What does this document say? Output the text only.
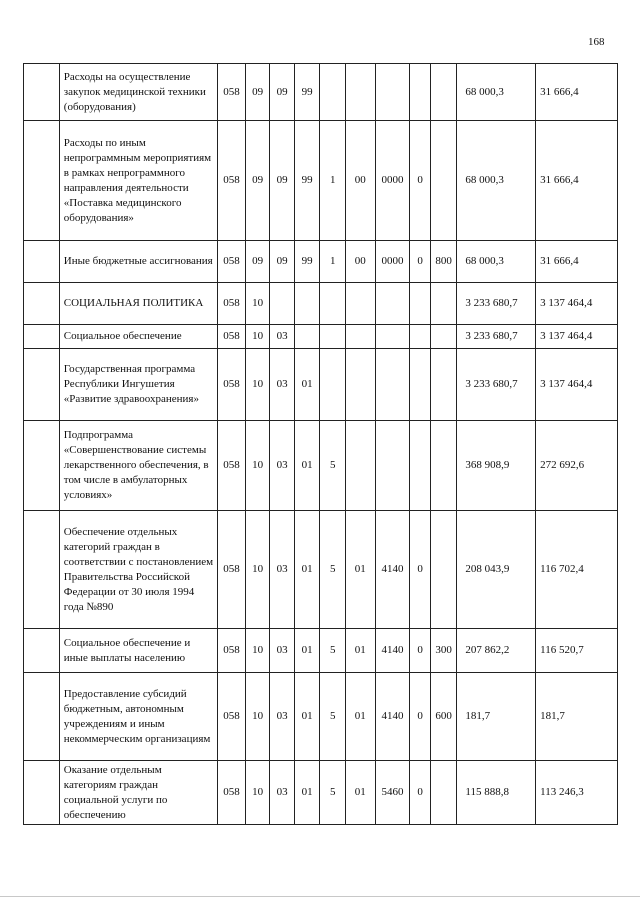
168
	Расходы на осуществление закупок медицинской техники (оборудования)	058	09	09	99						68 000,3	31 666,4
	Расходы по иным непрограммным мероприятиям в рамках непрограммного направления деятельности «Поставка медицинского оборудования»	058	09	09	99	1	00	0000	0		68 000,3	31 666,4
	Иные бюджетные ассигнования	058	09	09	99	1	00	0000	0	800	68 000,3	31 666,4
	СОЦИАЛЬНАЯ ПОЛИТИКА	058	10								3 233 680,7	3 137 464,4
	Социальное обеспечение	058	10	03							3 233 680,7	3 137 464,4
	Государственная программа Республики Ингушетия «Развитие здравоохранения»	058	10	03	01						3 233 680,7	3 137 464,4
	Подпрограмма «Совершенствование системы лекарственного обеспечения, в том числе в амбулаторных условиях»	058	10	03	01	5					368 908,9	272 692,6
	Обеспечение отдельных категорий граждан в соответствии с постановлением Правительства Российской Федерации от 30 июля 1994 года №890	058	10	03	01	5	01	4140	0		208 043,9	116 702,4
	Социальное обеспечение и иные выплаты населению	058	10	03	01	5	01	4140	0	300	207 862,2	116 520,7
	Предоставление субсидий бюджетным, автономным учреждениям и иным некоммерческим организациям	058	10	03	01	5	01	4140	0	600	181,7	181,7
	Оказание отдельным категориям граждан социальной услуги по обеспечению	058	10	03	01	5	01	5460	0		115 888,8	113 246,3
